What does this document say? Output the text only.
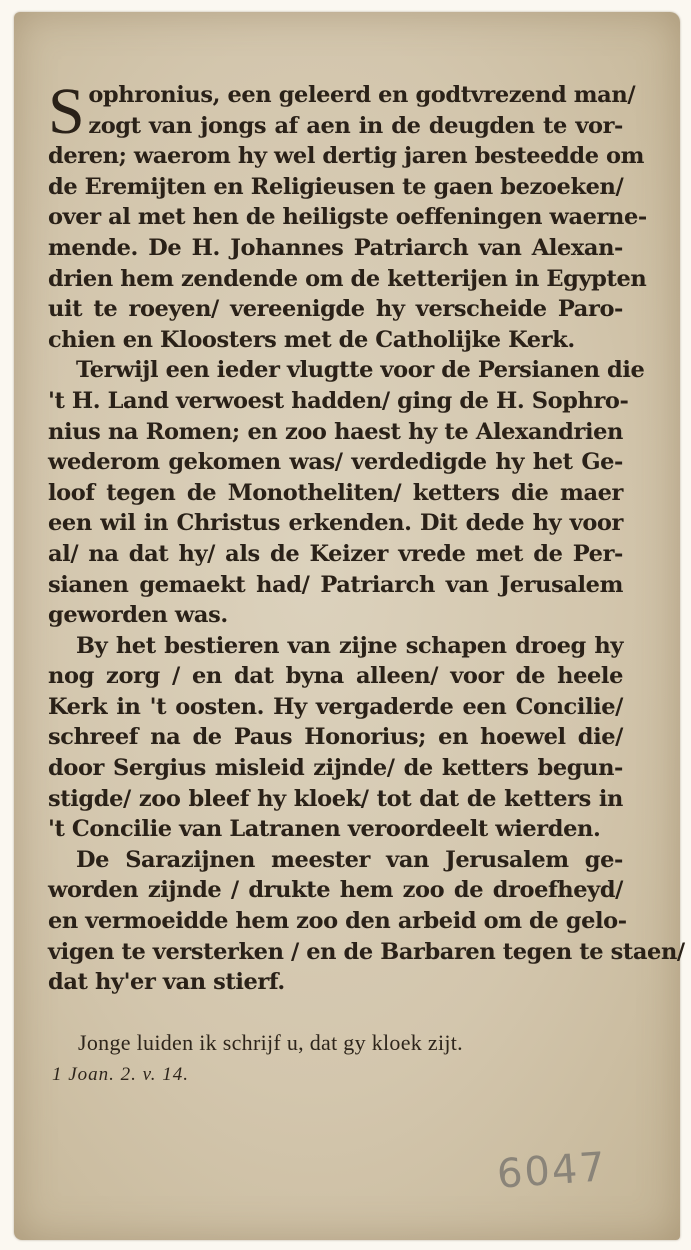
S ophronius, een geleerd en godtvrezend man/
zogt van jongs af aen in de deugden te vor-
deren; waerom hy wel dertig jaren besteedde om
de Eremijten en Religieusen te gaen bezoeken/
over al met hen de heiligste oeffeningen waerne-
mende. De H. Johannes Patriarch van Alexan-
drien hem zendende om de ketterijen in Egypten
uit te roeyen/ vereenigde hy verscheide Paro-
chien en Kloosters met de Catholijke Kerk.
Terwijl een ieder vlugtte voor de Persianen die
't H. Land verwoest hadden/ ging de H. Sophro-
nius na Romen; en zoo haest hy te Alexandrien
wederom gekomen was/ verdedigde hy het Ge-
loof tegen de Monotheliten/ ketters die maer
een wil in Christus erkenden. Dit dede hy voor
al/ na dat hy/ als de Keizer vrede met de Per-
sianen gemaekt had/ Patriarch van Jerusalem
geworden was.
By het bestieren van zijne schapen droeg hy
nog zorg / en dat byna alleen/ voor de heele
Kerk in 't oosten. Hy vergaderde een Concilie/
schreef na de Paus Honorius; en hoewel die/
door Sergius misleid zijnde/ de ketters begun-
stigde/ zoo bleef hy kloek/ tot dat de ketters in
't Concilie van Latranen veroordeelt wierden.
De Sarazijnen meester van Jerusalem ge-
worden zijnde / drukte hem zoo de droefheyd/
en vermoeidde hem zoo den arbeid om de gelo-
vigen te versterken / en de Barbaren tegen te staen/
dat hy'er van stierf.
Jonge luiden ik schrijf u, dat gy kloek zijt.
1 Joan. 2. v. 14.
6047
